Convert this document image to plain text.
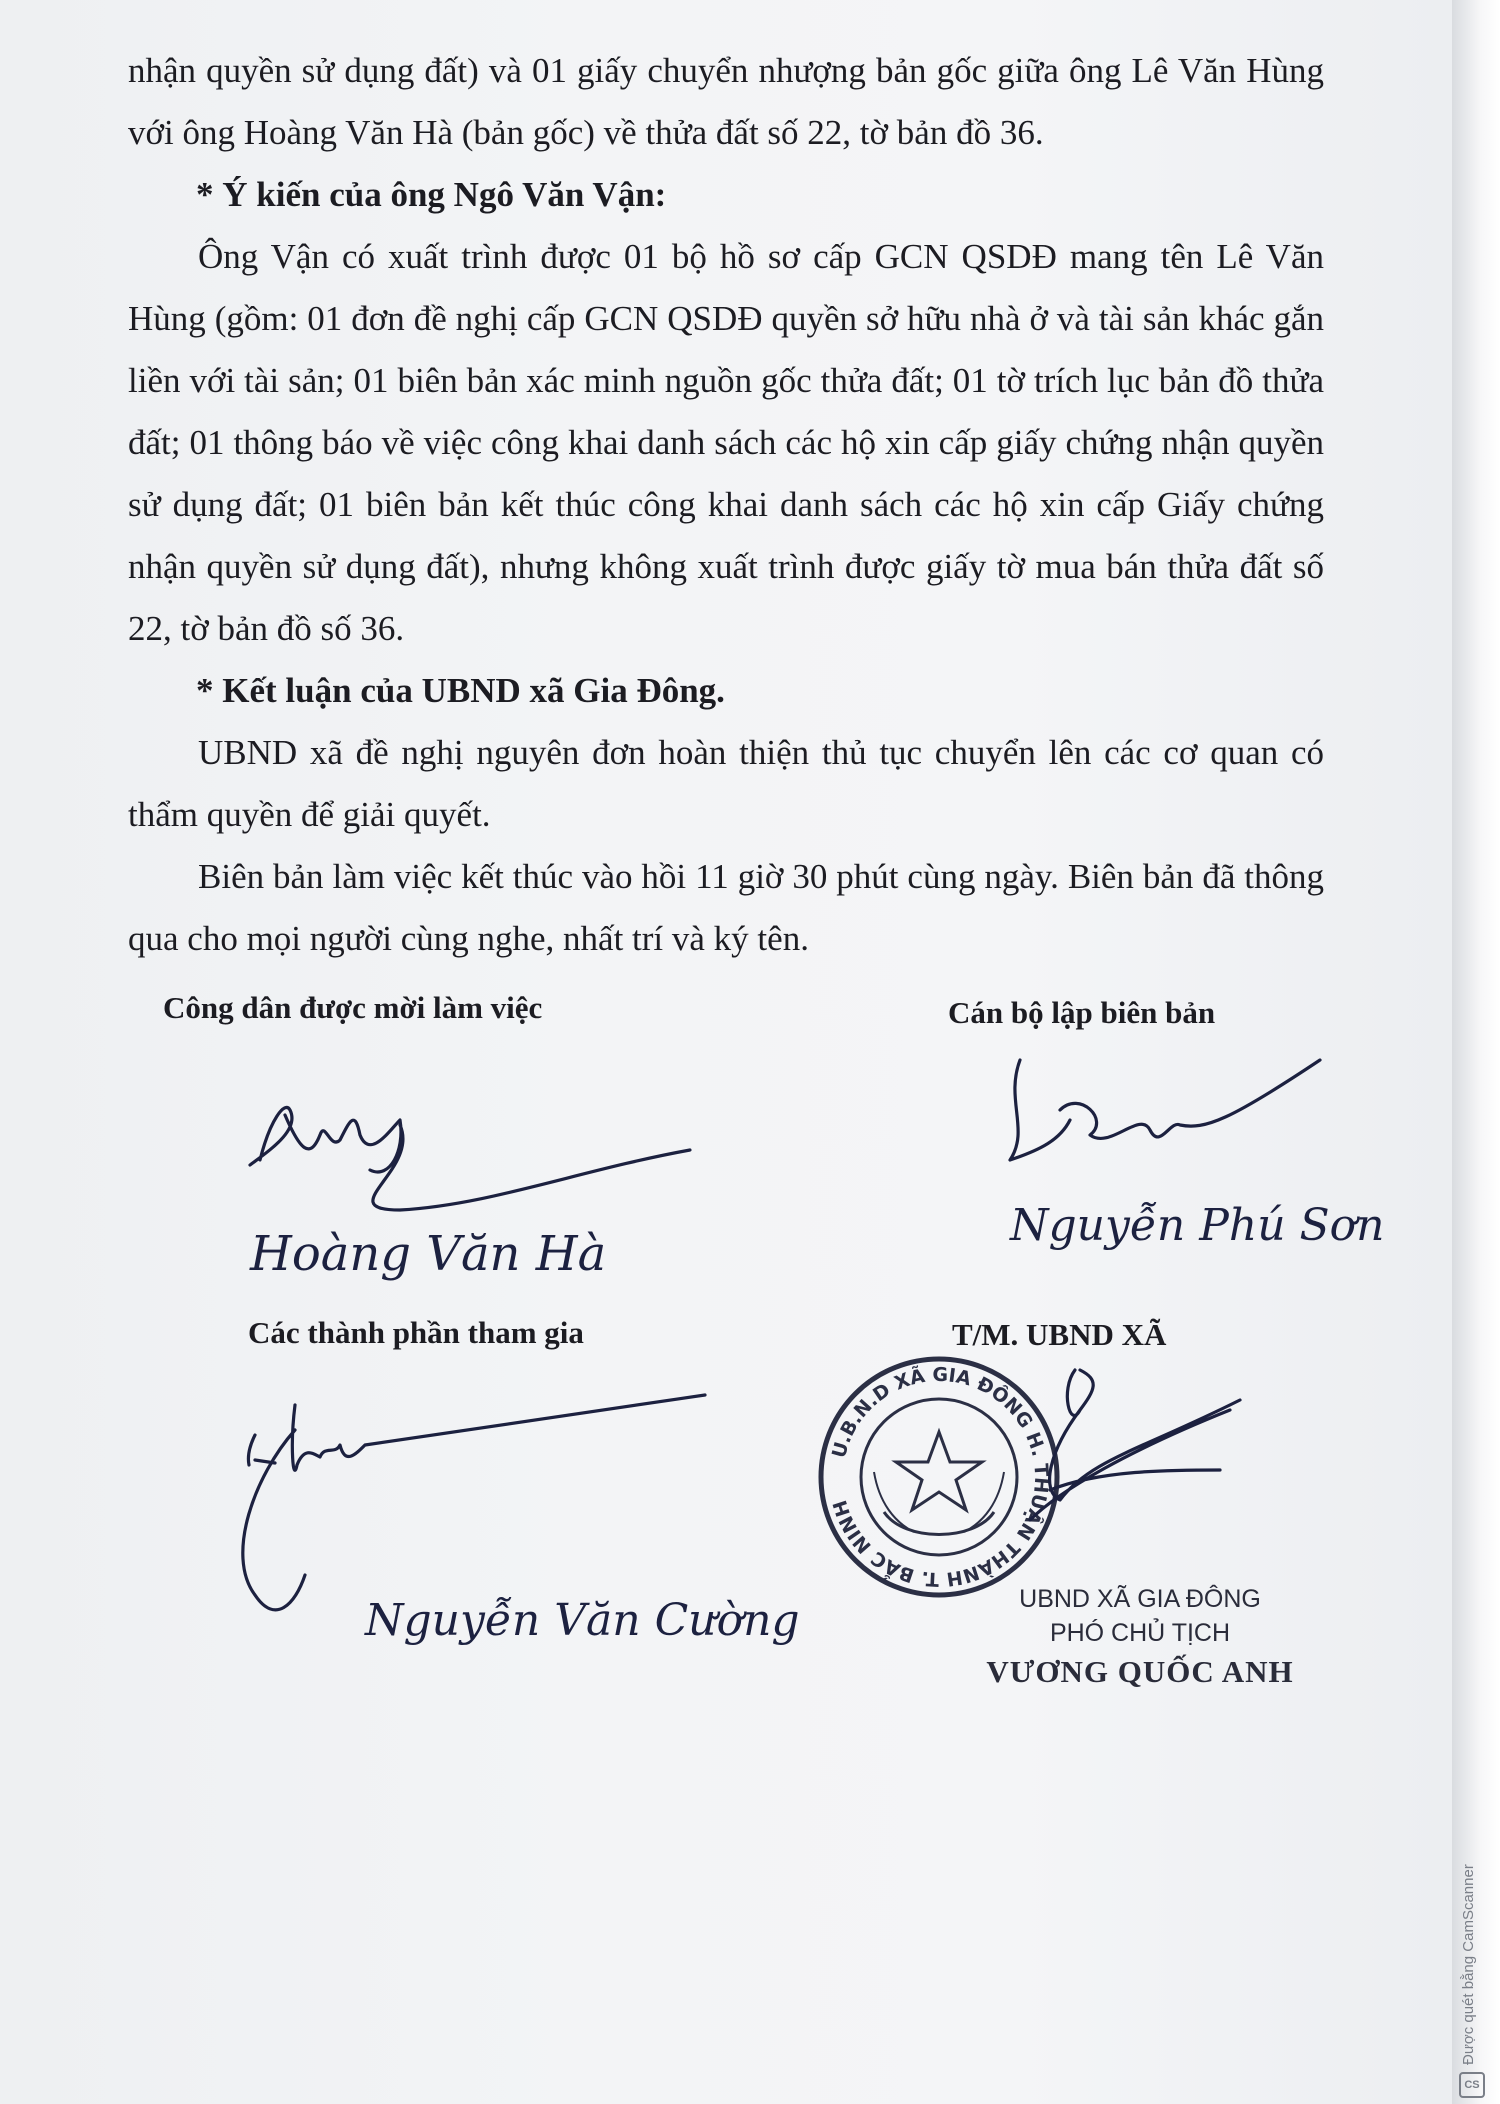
nhận quyền sử dụng đất) và 01 giấy chuyển nhượng bản gốc giữa ông Lê Văn Hùng với ông Hoàng Văn Hà (bản gốc) về thửa đất số 22, tờ bản đồ 36.

* Ý kiến của ông Ngô Văn Vận:

Ông Vận có xuất trình được 01 bộ hồ sơ cấp GCN QSDĐ mang tên Lê Văn Hùng (gồm: 01 đơn đề nghị cấp GCN QSDĐ quyền sở hữu nhà ở và tài sản khác gắn liền với tài sản; 01 biên bản xác minh nguồn gốc thửa đất; 01 tờ trích lục bản đồ thửa đất; 01 thông báo về việc công khai danh sách các hộ xin cấp giấy chứng nhận quyền sử dụng đất; 01 biên bản kết thúc công khai danh sách các hộ xin cấp Giấy chứng nhận quyền sử dụng đất), nhưng không xuất trình được giấy tờ mua bán thửa đất số 22, tờ bản đồ số 36.

* Kết luận của UBND xã Gia Đông.

UBND xã đề nghị nguyên đơn hoàn thiện thủ tục chuyển lên các cơ quan có thẩm quyền để giải quyết.

Biên bản làm việc kết thúc vào hồi 11 giờ 30 phút cùng ngày. Biên bản đã thông qua cho mọi người cùng nghe, nhất trí và ký tên.

Công dân được mời làm việc	Cán bộ lập biên bản
Hoàng Văn Hà
Nguyễn Phú Sơn
Các thành phần tham gia	T/M. UBND XÃ
Nguyễn Văn Cường
U.B.N.D XÃ GIA ĐÔNG H. THUẬN THÀNH T. BẮC NINH
UBND XÃ GIA ĐÔNG
PHÓ CHỦ TỊCH
VƯƠNG QUỐC ANH
Được quét bằng CamScanner
CS
